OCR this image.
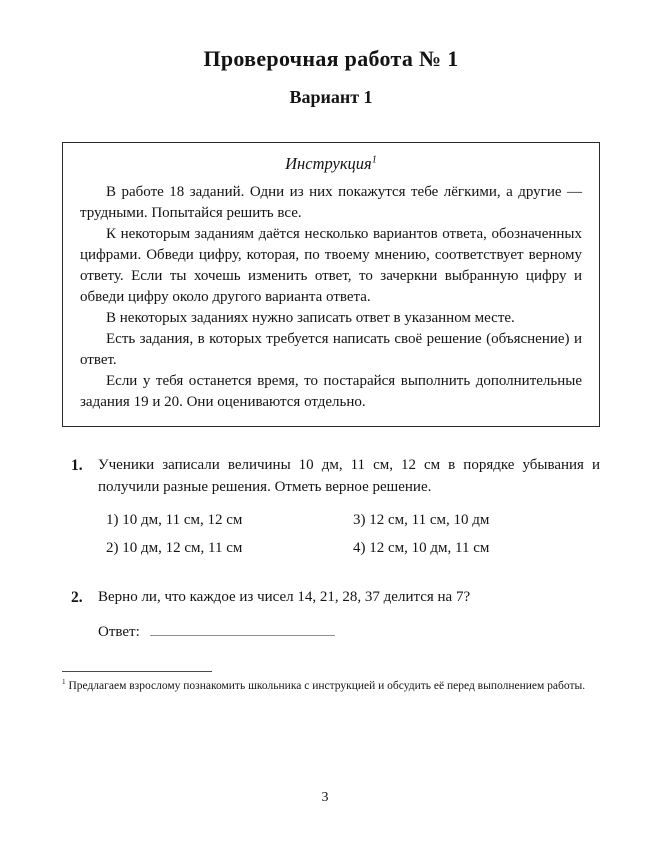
Проверочная работа № 1
Вариант 1
Инструкция$^1$

В работе 18 заданий. Одни из них покажутся тебе лёгкими, а другие — трудными. Попытайся решить все.

К некоторым заданиям даётся несколько вариантов ответа, обозначенных цифрами. Обведи цифру, которая, по твоему мнению, соответствует верному ответу. Если ты хочешь изменить ответ, то зачеркни выбранную цифру и обведи цифру около другого варианта ответа.

В некоторых заданиях нужно записать ответ в указанном месте.

Есть задания, в которых требуется написать своё решение (объяснение) и ответ.

Если у тебя останется время, то постарайся выполнить дополнительные задания 19 и 20. Они оцениваются отдельно.

1.	Ученики записали величины 10 дм, 11 см, 12 см в порядке убывания и получили разные решения. Отметь верное решение.

1) 10 дм, 11 см, 12 см	3) 12 см, 11 см, 10 дм
2) 10 дм, 12 см, 11 см	4) 12 см, 10 дм, 11 см
2.	Верно ли, что каждое из чисел 14, 21, 28, 37 делится на 7?

Ответ:

$^1$ Предлагаем взрослому познакомить школьника с инструкцией и обсудить её перед выполнением работы.

3
